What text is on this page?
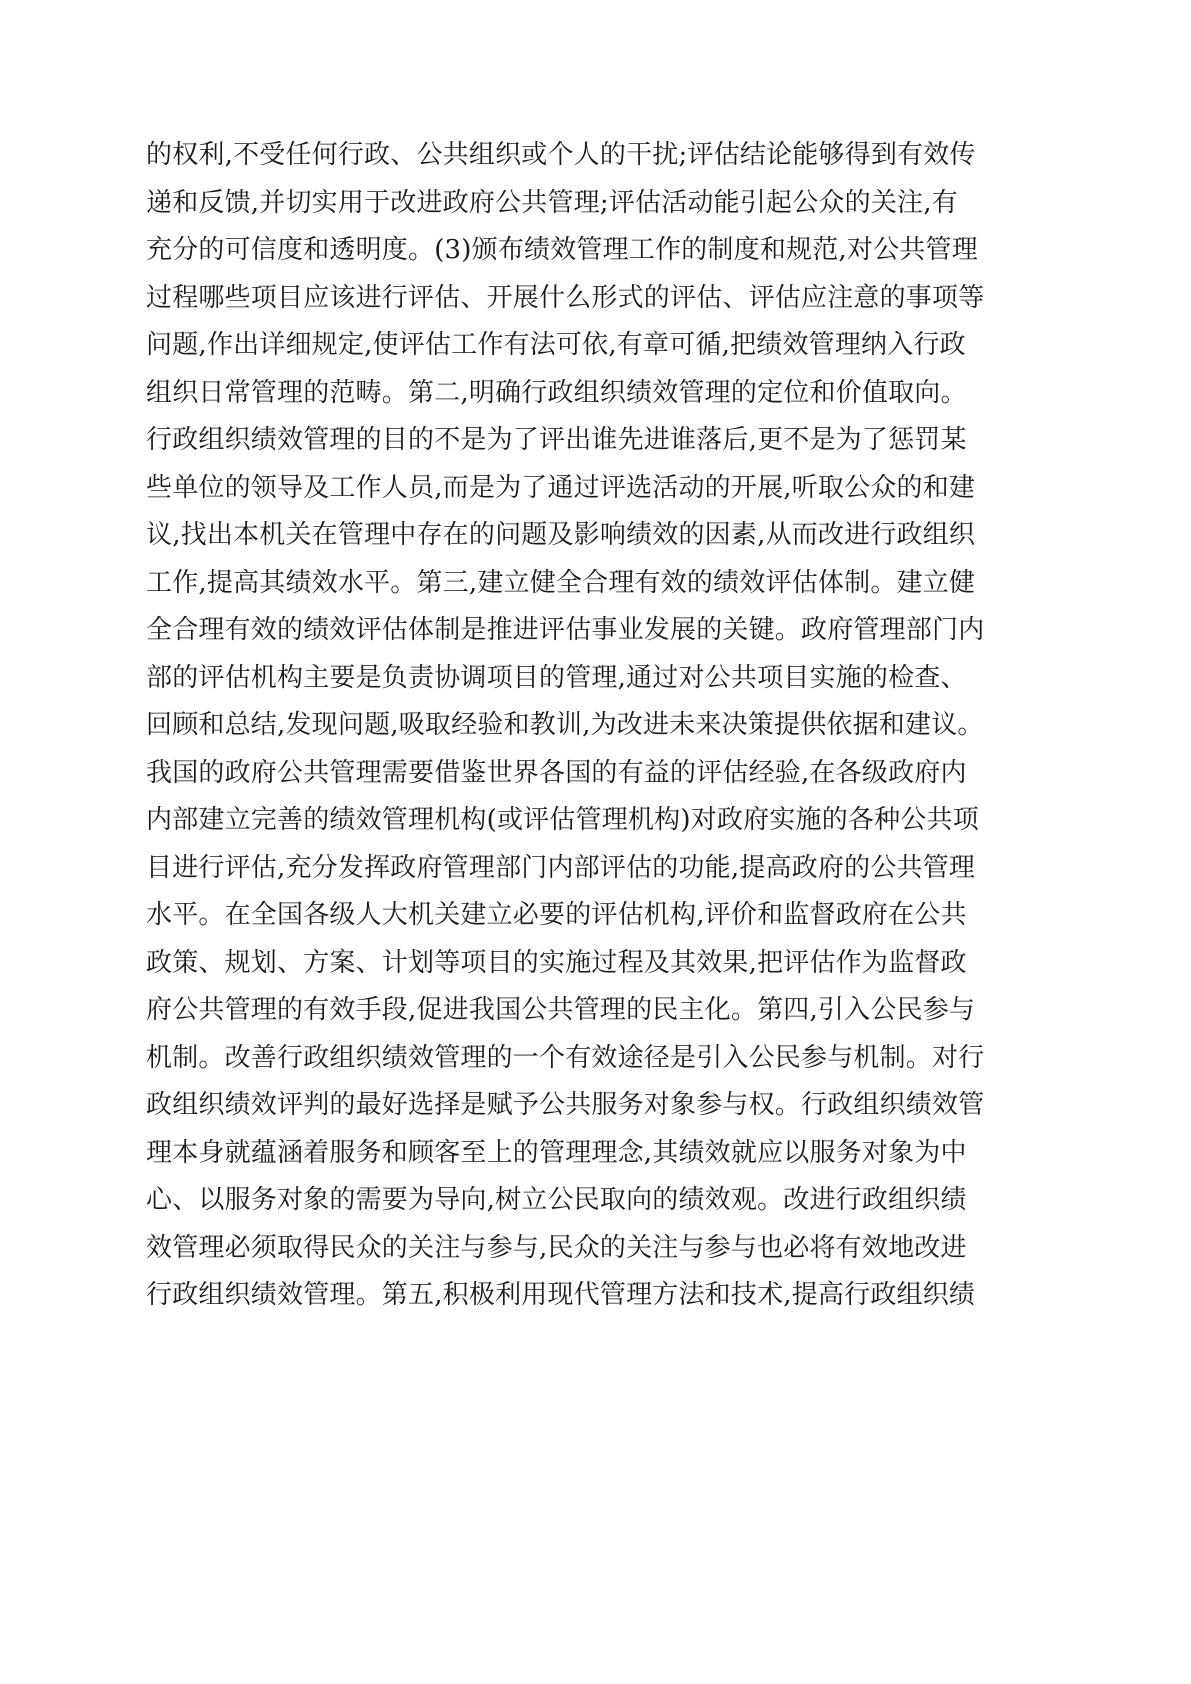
的权利,不受任何行政、公共组织或个人的干扰;评估结论能够得到有效传
递和反馈,并切实用于改进政府公共管理;评估活动能引起公众的关注,有
充分的可信度和透明度。(3)颁布绩效管理工作的制度和规范,对公共管理
过程哪些项目应该进行评估、开展什么形式的评估、评估应注意的事项等
问题,作出详细规定,使评估工作有法可依,有章可循,把绩效管理纳入行政
组织日常管理的范畴。第二,明确行政组织绩效管理的定位和价值取向。
行政组织绩效管理的目的不是为了评出谁先进谁落后,更不是为了惩罚某
些单位的领导及工作人员,而是为了通过评选活动的开展,听取公众的和建
议,找出本机关在管理中存在的问题及影响绩效的因素,从而改进行政组织
工作,提高其绩效水平。第三,建立健全合理有效的绩效评估体制。建立健
全合理有效的绩效评估体制是推进评估事业发展的关键。政府管理部门内
部的评估机构主要是负责协调项目的管理,通过对公共项目实施的检查、
回顾和总结,发现问题,吸取经验和教训,为改进未来决策提供依据和建议。
我国的政府公共管理需要借鉴世界各国的有益的评估经验,在各级政府内
内部建立完善的绩效管理机构(或评估管理机构)对政府实施的各种公共项
目进行评估,充分发挥政府管理部门内部评估的功能,提高政府的公共管理
水平。在全国各级人大机关建立必要的评估机构,评价和监督政府在公共
政策、规划、方案、计划等项目的实施过程及其效果,把评估作为监督政
府公共管理的有效手段,促进我国公共管理的民主化。第四,引入公民参与
机制。改善行政组织绩效管理的一个有效途径是引入公民参与机制。对行
政组织绩效评判的最好选择是赋予公共服务对象参与权。行政组织绩效管
理本身就蕴涵着服务和顾客至上的管理理念,其绩效就应以服务对象为中
心、以服务对象的需要为导向,树立公民取向的绩效观。改进行政组织绩
效管理必须取得民众的关注与参与,民众的关注与参与也必将有效地改进
行政组织绩效管理。第五,积极利用现代管理方法和技术,提高行政组织绩
